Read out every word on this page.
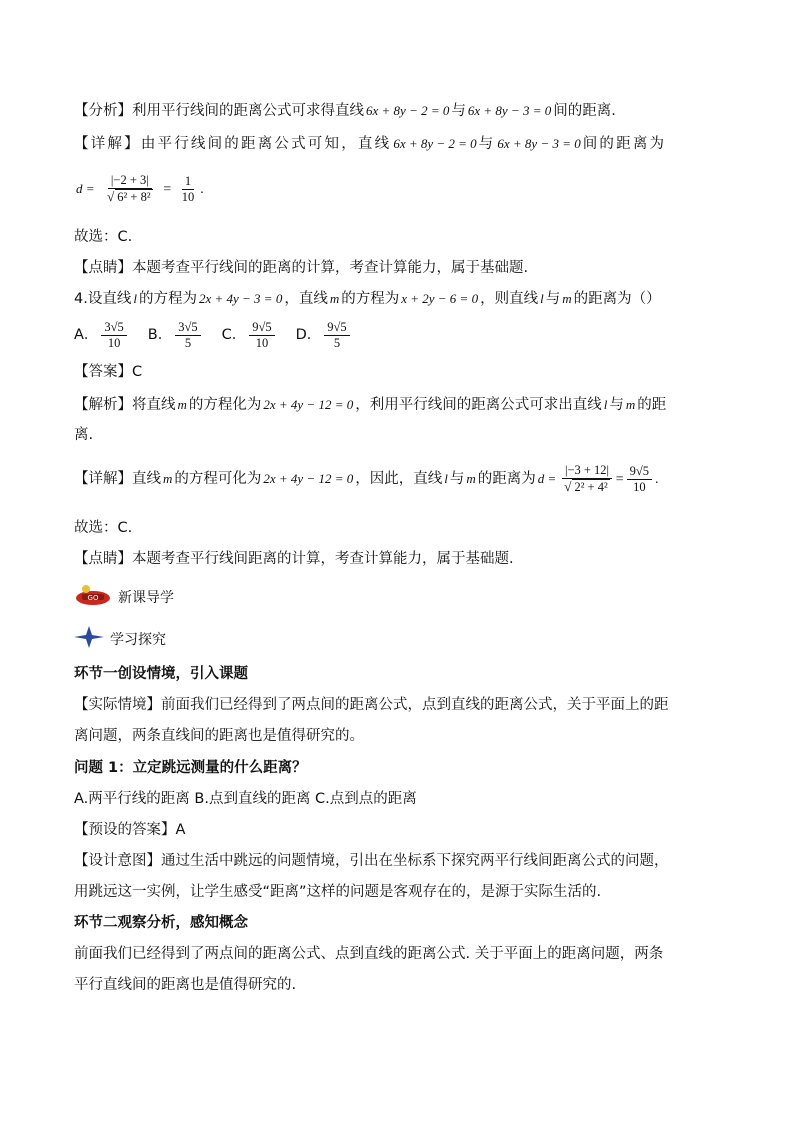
【分析】利用平行线间的距离公式可求得直线 6x + 8y − 2 = 0 与 6x + 8y − 3 = 0 间的距离.
【详解】由平行线间的距离公式可知，直线 6x + 8y − 2 = 0 与 6x + 8y − 3 = 0 间的距离为
$d = \frac{|-2 + 3|}{\text{√ 6² + 8²}} = \frac{1}{10}$ .
故选：C.
【点睛】本题考查平行线间的距离的计算，考查计算能力，属于基础题.
4.设直线 l 的方程为 2x + 4y − 3 = 0 ，直线 m 的方程为 x + 2y − 6 = 0 ，则直线 l 与 m 的距离为（）
A． $\frac{3√5}{10}$ B． $\frac{3√5}{5}$ C． $\frac{9√5}{10}$ D． $\frac{9√5}{5}$
【答案】C
【解析】将直线 m 的方程化为 2x + 4y − 12 = 0 ，利用平行线间的距离公式可求出直线 l 与 m 的距
离.
【详解】直线 m 的方程可化为 2x + 4y − 12 = 0 ，因此，直线 l 与 m 的距离为 $d = \frac{|-3 + 12|}{\text{√ 2² + 4²}} = \frac{9√5}{10}$ .
故选：C.
【点睛】本题考查平行线间距离的计算，考查计算能力，属于基础题.
GO 新课导学
学习探究
环节一创设情境，引入课题
【实际情境】前面我们已经得到了两点间的距离公式，点到直线的距离公式，关于平面上的距
离问题，两条直线间的距离也是值得研究的。
问题 1：立定跳远测量的什么距离？
A.两平行线的距离 B.点到直线的距离 C.点到点的距离
【预设的答案】A
【设计意图】通过生活中跳远的问题情境，引出在坐标系下探究两平行线间距离公式的问题，
用跳远这一实例，让学生感受“距离”这样的问题是客观存在的，是源于实际生活的.
环节二观察分析，感知概念
前面我们已经得到了两点间的距离公式、点到直线的距离公式. 关于平面上的距离问题，两条
平行直线间的距离也是值得研究的.
